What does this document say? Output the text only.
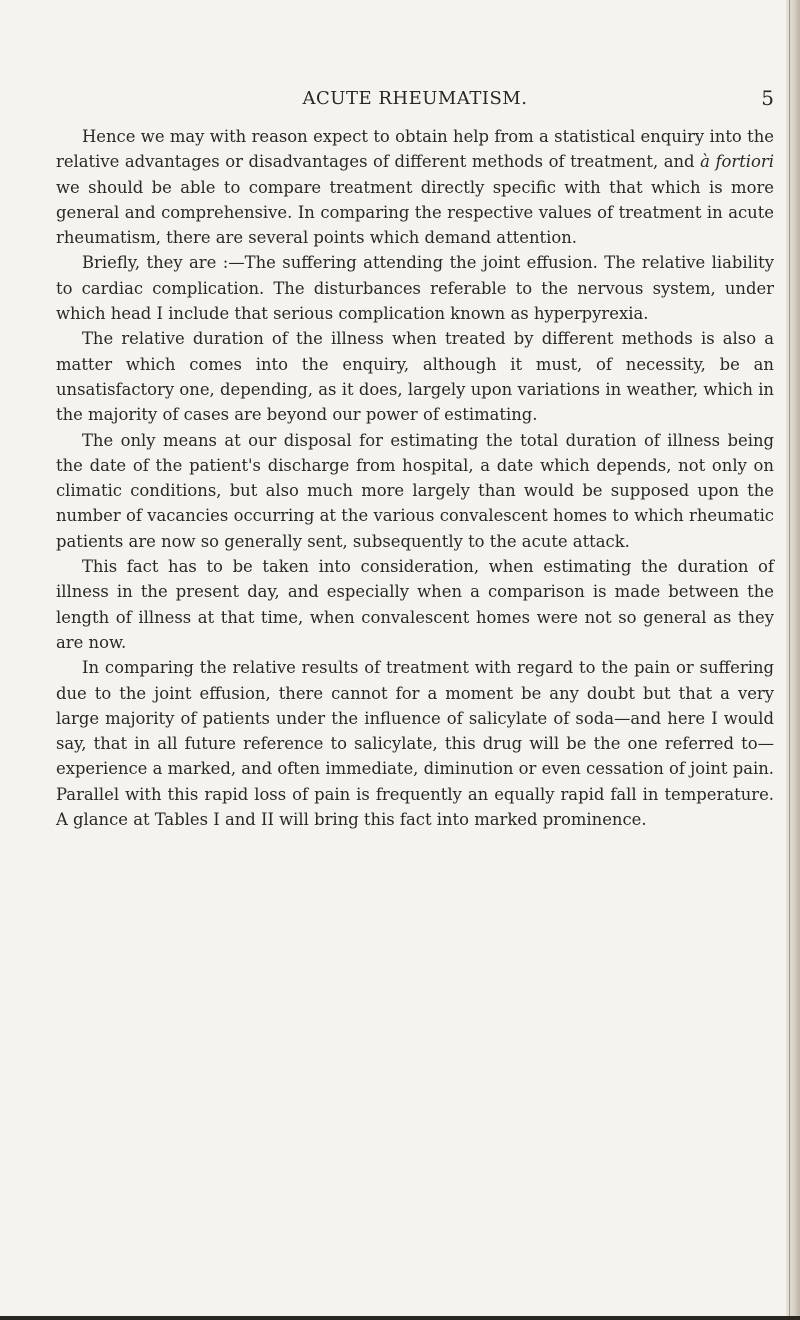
ACUTE RHEUMATISM.	5

Hence we may with reason expect to obtain help from a statistical enquiry into the relative advantages or disadvantages of different methods of treatment, and à fortiori we should be able to compare treatment directly specific with that which is more general and comprehensive. In comparing the respective values of treatment in acute rheumatism, there are several points which demand attention.

Briefly, they are :—The suffering attending the joint effusion. The relative liability to cardiac complication. The disturbances referable to the nervous system, under which head I include that serious complication known as hyperpyrexia.

The relative duration of the illness when treated by different methods is also a matter which comes into the enquiry, although it must, of necessity, be an unsatisfactory one, depending, as it does, largely upon variations in weather, which in the majority of cases are beyond our power of estimating.

The only means at our disposal for estimating the total duration of illness being the date of the patient's discharge from hospital, a date which depends, not only on climatic conditions, but also much more largely than would be supposed upon the number of vacancies occurring at the various convalescent homes to which rheumatic patients are now so generally sent, subsequently to the acute attack.

This fact has to be taken into consideration, when estimating the duration of illness in the present day, and especially when a comparison is made between the length of illness at that time, when convalescent homes were not so general as they are now.

In comparing the relative results of treatment with regard to the pain or suffering due to the joint effusion, there cannot for a moment be any doubt but that a very large majority of patients under the influence of salicylate of soda—and here I would say, that in all future reference to salicylate, this drug will be the one referred to—experience a marked, and often immediate, diminution or even cessation of joint pain. Parallel with this rapid loss of pain is frequently an equally rapid fall in temperature. A glance at Tables I and II will bring this fact into marked prominence.
